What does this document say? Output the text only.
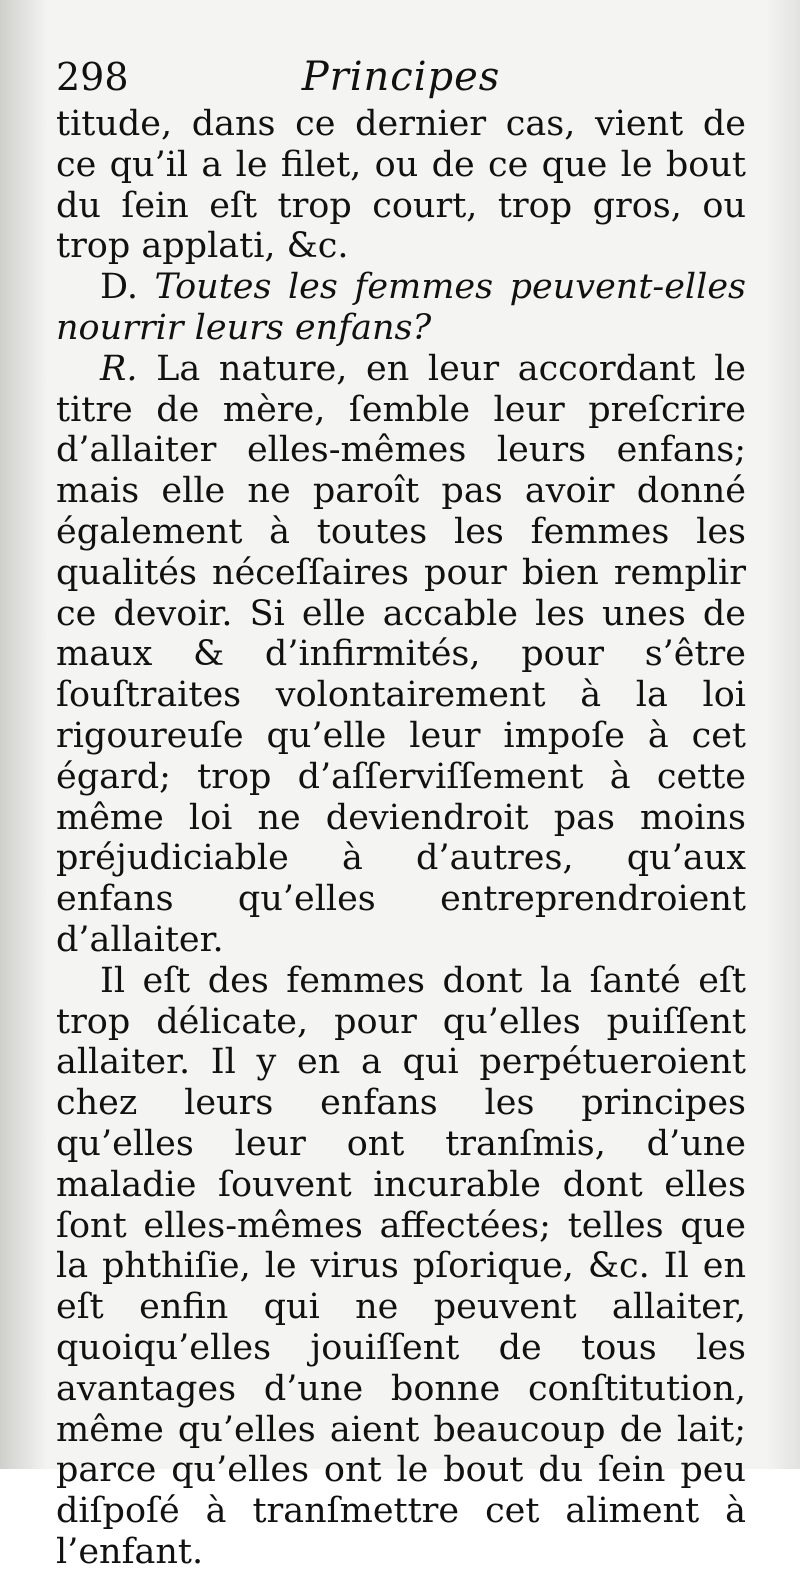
298	Principes

titude, dans ce dernier cas, vient de ce qu’il a le filet, ou de ce que le bout du ſein eſt trop court, trop gros, ou trop applati, &c.

D. Toutes les femmes peuvent-elles nourrir leurs enfans?

R. La nature, en leur accordant le titre de mère, ſemble leur preſcrire d’allaiter elles-mêmes leurs enfans; mais elle ne paroît pas avoir donné également à toutes les femmes les qualités néceſſaires pour bien remplir ce devoir. Si elle accable les unes de maux & d’infirmités, pour s’être ſouſtraites volontairement à la loi rigoureuſe qu’elle leur impoſe à cet égard; trop d’aſſerviſſement à cette même loi ne deviendroit pas moins préjudiciable à d’autres, qu’aux enfans qu’elles entreprendroient d’allaiter.

Il eſt des femmes dont la ſanté eſt trop délicate, pour qu’elles puiſſent allaiter. Il y en a qui perpétueroient chez leurs enfans les principes qu’elles leur ont tranſmis, d’une maladie ſouvent incurable dont elles ſont elles-mêmes affectées; telles que la phthiſie, le virus pſorique, &c. Il en eſt enfin qui ne peuvent allaiter, quoiqu’elles jouiſſent de tous les avantages d’une bonne conſtitution, même qu’elles aient beaucoup de lait; parce qu’elles ont le bout du ſein peu diſpoſé à tranſmettre cet aliment à l’enfant.
